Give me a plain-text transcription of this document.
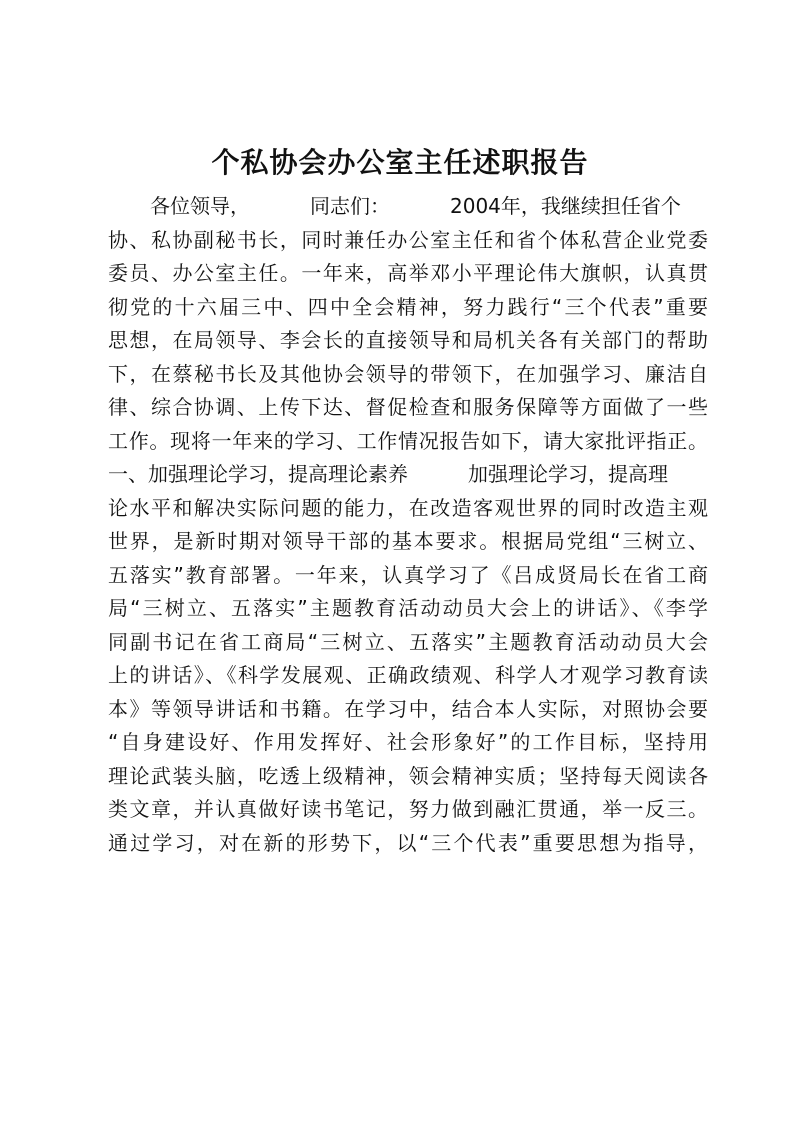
个私协会办公室主任述职报告
各位领导，	同志们：	2004年，我继续担任省个
协、私协副秘书长，同时兼任办公室主任和省个体私营企业党委
委员、办公室主任。一年来，高举邓小平理论伟大旗帜，认真贯
彻党的十六届三中、四中全会精神，努力践行“三个代表”重要
思想，在局领导、李会长的直接领导和局机关各有关部门的帮助
下，在蔡秘书长及其他协会领导的带领下，在加强学习、廉洁自
律、综合协调、上传下达、督促检查和服务保障等方面做了一些
工作。现将一年来的学习、工作情况报告如下，请大家批评指正。
一、加强理论学习，提高理论素养	加强理论学习，提高理
论水平和解决实际问题的能力，在改造客观世界的同时改造主观
世界，是新时期对领导干部的基本要求。根据局党组“三树立、
五落实”教育部署。一年来，认真学习了《吕成贤局长在省工商
局“三树立、五落实”主题教育活动动员大会上的讲话》、《李学
同副书记在省工商局“三树立、五落实”主题教育活动动员大会
上的讲话》、《科学发展观、正确政绩观、科学人才观学习教育读
本》等领导讲话和书籍。在学习中，结合本人实际，对照协会要
“自身建设好、作用发挥好、社会形象好”的工作目标，坚持用
理论武装头脑，吃透上级精神，领会精神实质；坚持每天阅读各
类文章，并认真做好读书笔记，努力做到融汇贯通，举一反三。
通过学习，对在新的形势下，以“三个代表”重要思想为指导，
